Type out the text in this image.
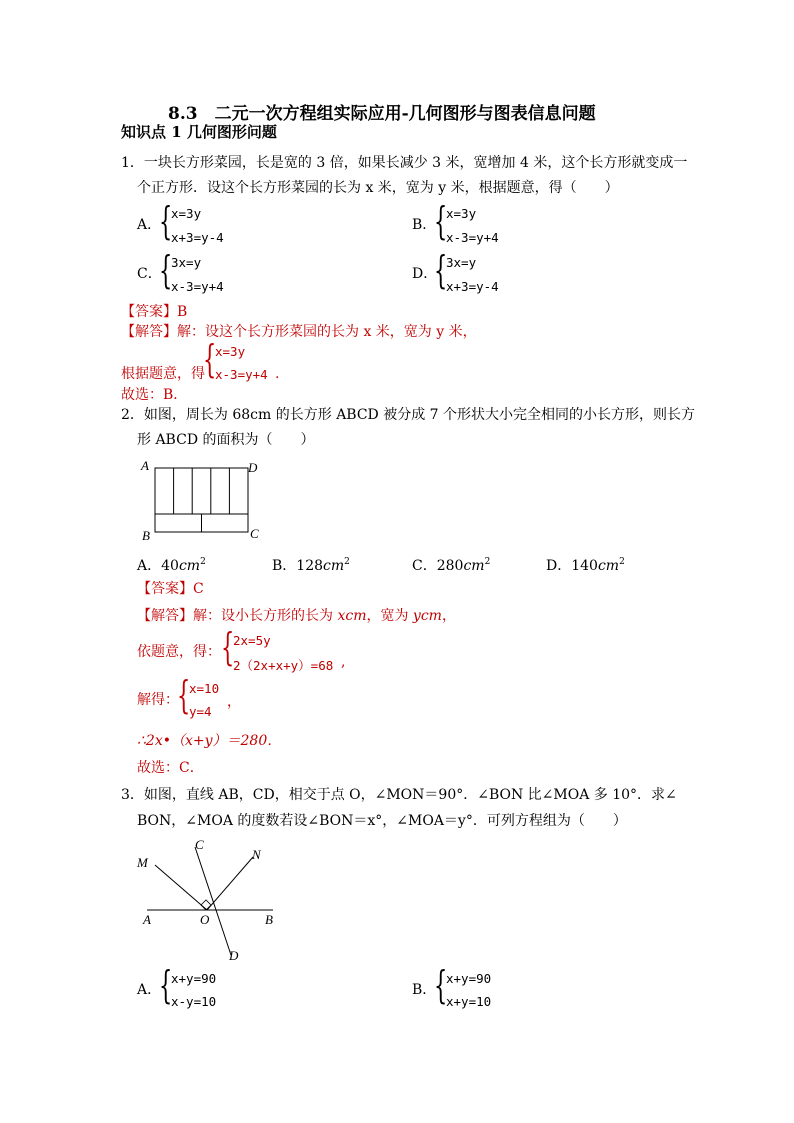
8.3　二元一次方程组实际应用-几何图形与图表信息问题
知识点 1 几何图形问题
1．一块长方形菜园，长是宽的 3 倍，如果长减少 3 米，宽增加 4 米，这个长方形就变成一
个正方形．设这个长方形菜园的长为 x 米，宽为 y 米，根据题意，得（　　）
A．
{
x=3y
x+3=y-4
B．
{
x=3y
x-3=y+4
C．
{
3x=y
x-3=y+4
D．
{
3x=y
x+3=y-4
【答案】B
【解答】解：设这个长方形菜园的长为 x 米，宽为 y 米，
根据题意，得
{
x=3y
x-3=y+4 .
故选：B．
2．如图，周长为 68cm 的长方形 ABCD 被分成 7 个形状大小完全相同的小长方形，则长方
形 ABCD 的面积为（　　）
A	D
B	C
A．$40cm^2$	B．$128cm^2$	C．$280cm^2$	D．$140cm^2$
【答案】C
【解答】解：设小长方形的长为 xcm，宽为 ycm，
依题意，得： {
2x=5y
2（2x+x+y）=68 ,
解得：
{
x=10
y=4
，
∴2x•（x+y）＝280．
故选：C．
3．如图，直线 AB，CD，相交于点 O，∠MON＝90°．∠BON 比∠MOA 多 10°．求∠
BON，∠MOA 的度数若设∠BON＝x°，∠MOA＝y°．可列方程组为（　　）
M
C
N
A	O	B
D
A．
{
x+y=90
x-y=10
B．
{
x+y=90
x+y=10
